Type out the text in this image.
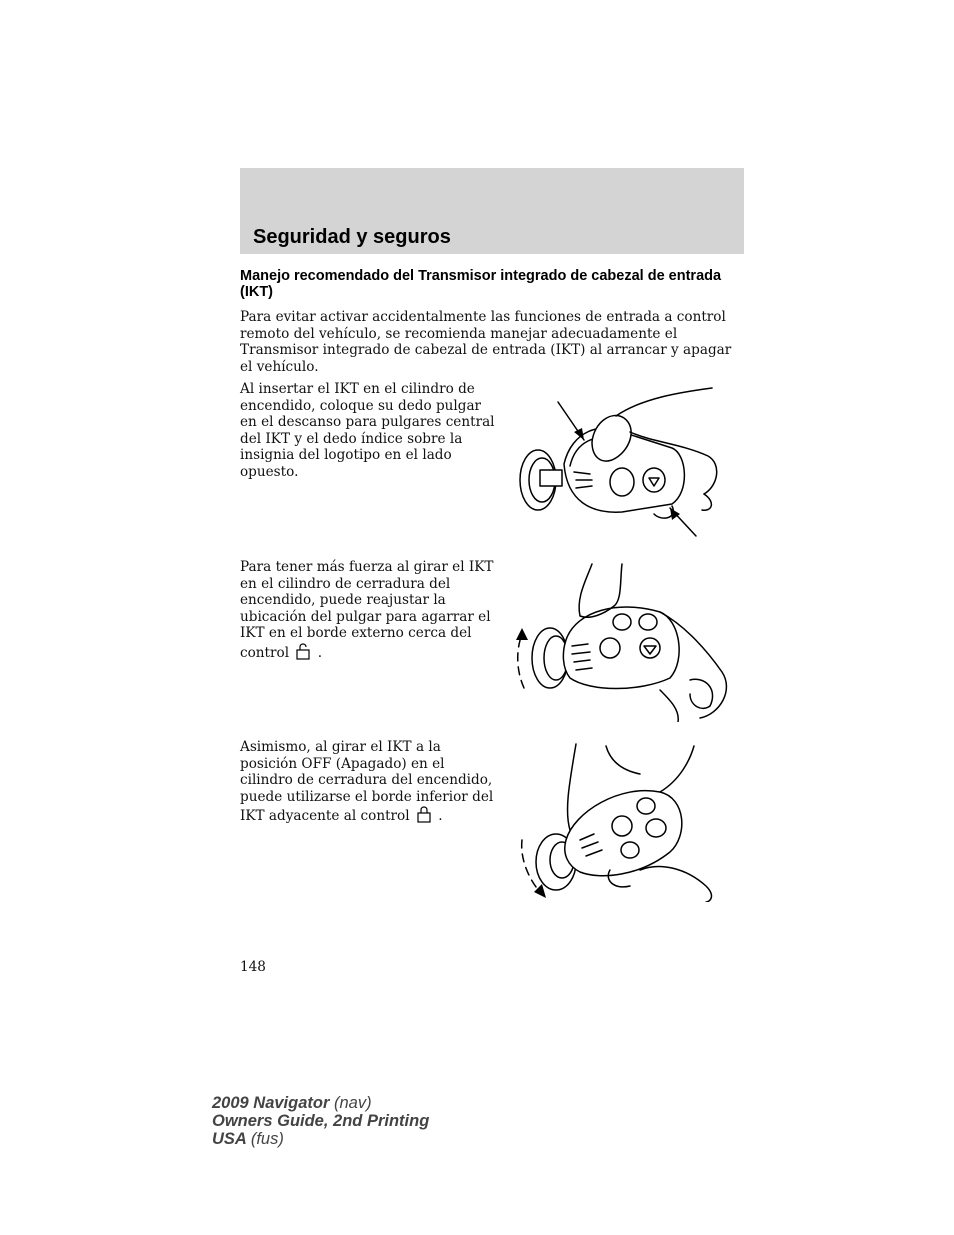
Seguridad y seguros
Manejo recomendado del Transmisor integrado de cabezal de entrada (IKT)
Para evitar activar accidentalmente las funciones de entrada a control remoto del vehículo, se recomienda manejar adecuadamente el Transmisor integrado de cabezal de entrada (IKT) al arrancar y apagar el vehículo.
Al insertar el IKT en el cilindro de encendido, coloque su dedo pulgar en el descanso para pulgares central del IKT y el dedo índice sobre la insignia del logotipo en el lado opuesto.
Para tener más fuerza al girar el IKT en el cilindro de cerradura del encendido, puede reajustar la ubicación del pulgar para agarrar el IKT en el borde externo cerca del control .
Asimismo, al girar el IKT a la posición OFF (Apagado) en el cilindro de cerradura del encendido, puede utilizarse el borde inferior del IKT adyacente al control .
148
2009 Navigator (nav)
Owners Guide, 2nd Printing
USA (fus)
